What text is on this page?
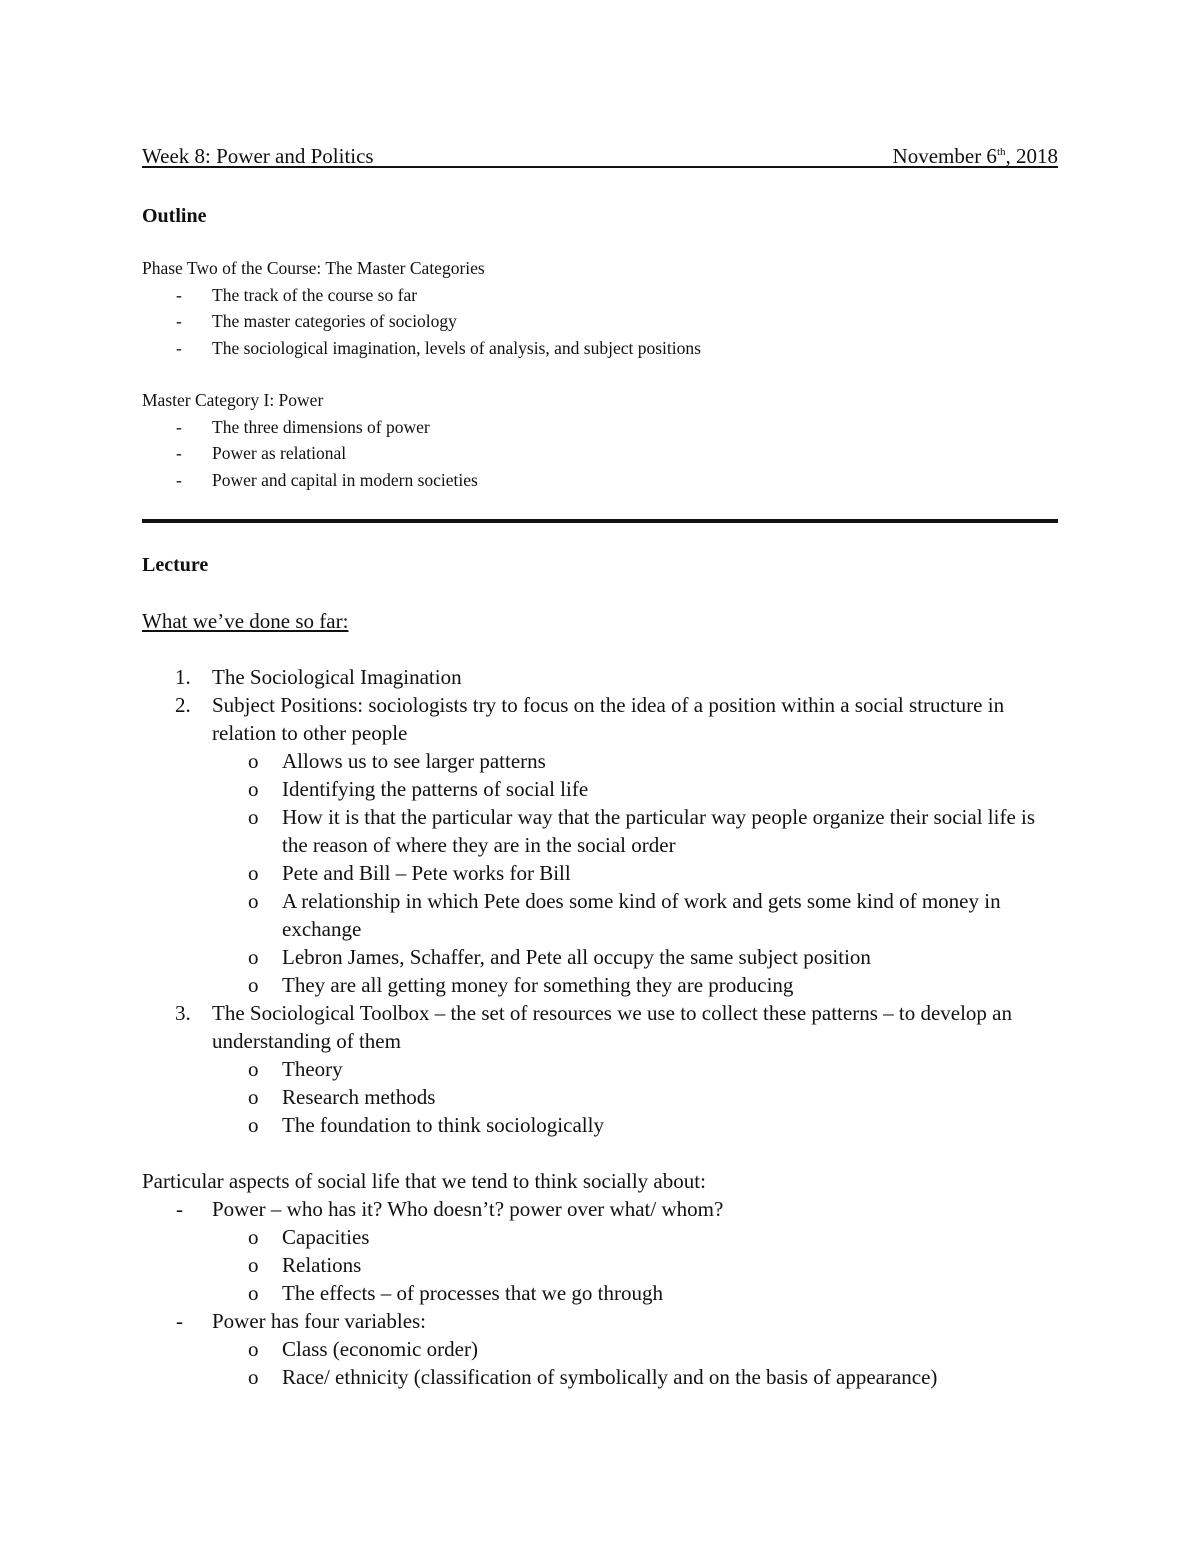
Week 8: Power and Politics	November 6th, 2018
Outline
Phase Two of the Course: The Master Categories
- The track of the course so far
- The master categories of sociology
- The sociological imagination, levels of analysis, and subject positions
Master Category I: Power
- The three dimensions of power
- Power as relational
- Power and capital in modern societies
Lecture
What we’ve done so far:
1. The Sociological Imagination
2. Subject Positions: sociologists try to focus on the idea of a position within a social structure in relation to other people
o Allows us to see larger patterns
o Identifying the patterns of social life
o How it is that the particular way that the particular way people organize their social life is the reason of where they are in the social order
o Pete and Bill – Pete works for Bill
o A relationship in which Pete does some kind of work and gets some kind of money in exchange
o Lebron James, Schaffer, and Pete all occupy the same subject position
o They are all getting money for something they are producing
3. The Sociological Toolbox – the set of resources we use to collect these patterns – to develop an understanding of them
o Theory
o Research methods
o The foundation to think sociologically
Particular aspects of social life that we tend to think socially about:
- Power – who has it? Who doesn’t? power over what/ whom?
o Capacities
o Relations
o The effects – of processes that we go through
- Power has four variables:
o Class (economic order)
o Race/ ethnicity (classification of symbolically and on the basis of appearance)
